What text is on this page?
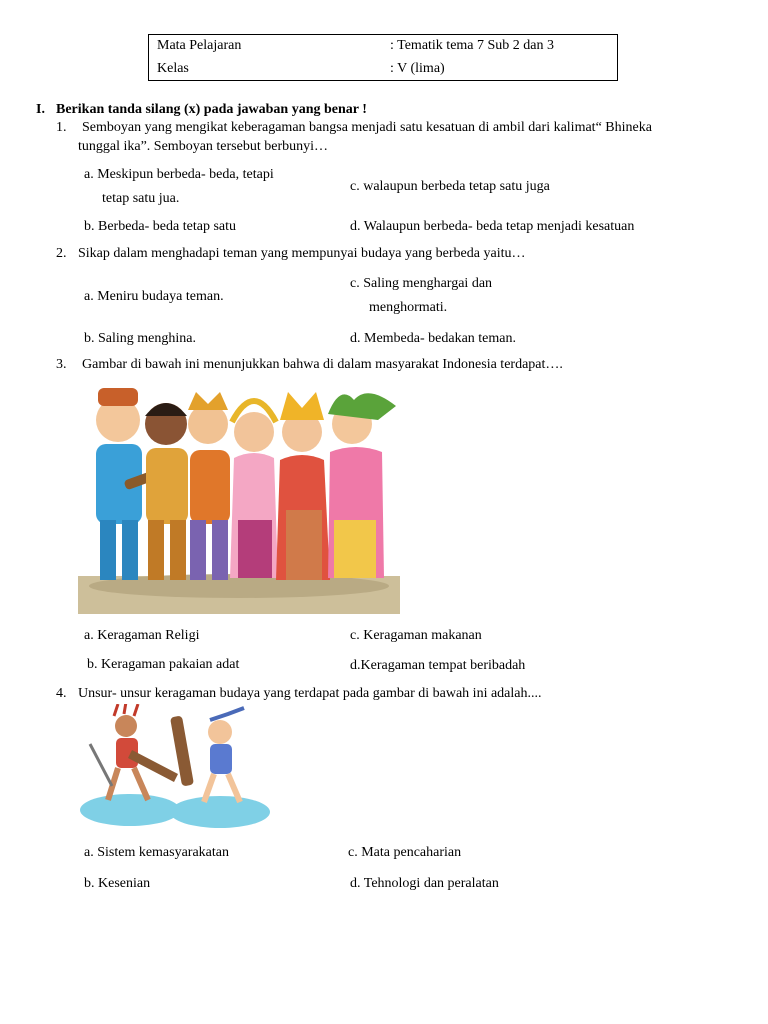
Mata Pelajaran	: Tematik tema 7 Sub 2 dan 3
Kelas	: V (lima)
I. Berikan tanda silang (x) pada jawaban yang benar !
1. Semboyan yang mengikat keberagaman bangsa menjadi satu kesatuan di ambil dari kalimat“ Bhineka
tunggal ika”. Semboyan tersebut berbunyi…
a. Meskipun berbeda- beda, tetapi
tetap satu jua.
b. Berbeda- beda tetap satu
c. walaupun berbeda tetap satu juga
d. Walaupun berbeda- beda tetap menjadi kesatuan
2. Sikap dalam menghadapi teman yang mempunyai budaya yang berbeda yaitu…
a. Meniru budaya teman.
b. Saling menghina.
c. Saling menghargai dan
menghormati.
d. Membeda- bedakan teman.
3. Gambar di bawah ini menunjukkan bahwa di dalam masyarakat Indonesia terdapat….
a. Keragaman Religi
b. Keragaman pakaian adat
c. Keragaman makanan
d.Keragaman tempat beribadah
4. Unsur- unsur keragaman budaya yang terdapat pada gambar di bawah ini adalah....
a. Sistem kemasyarakatan
b. Kesenian
c. Mata pencaharian
d. Tehnologi dan peralatan
